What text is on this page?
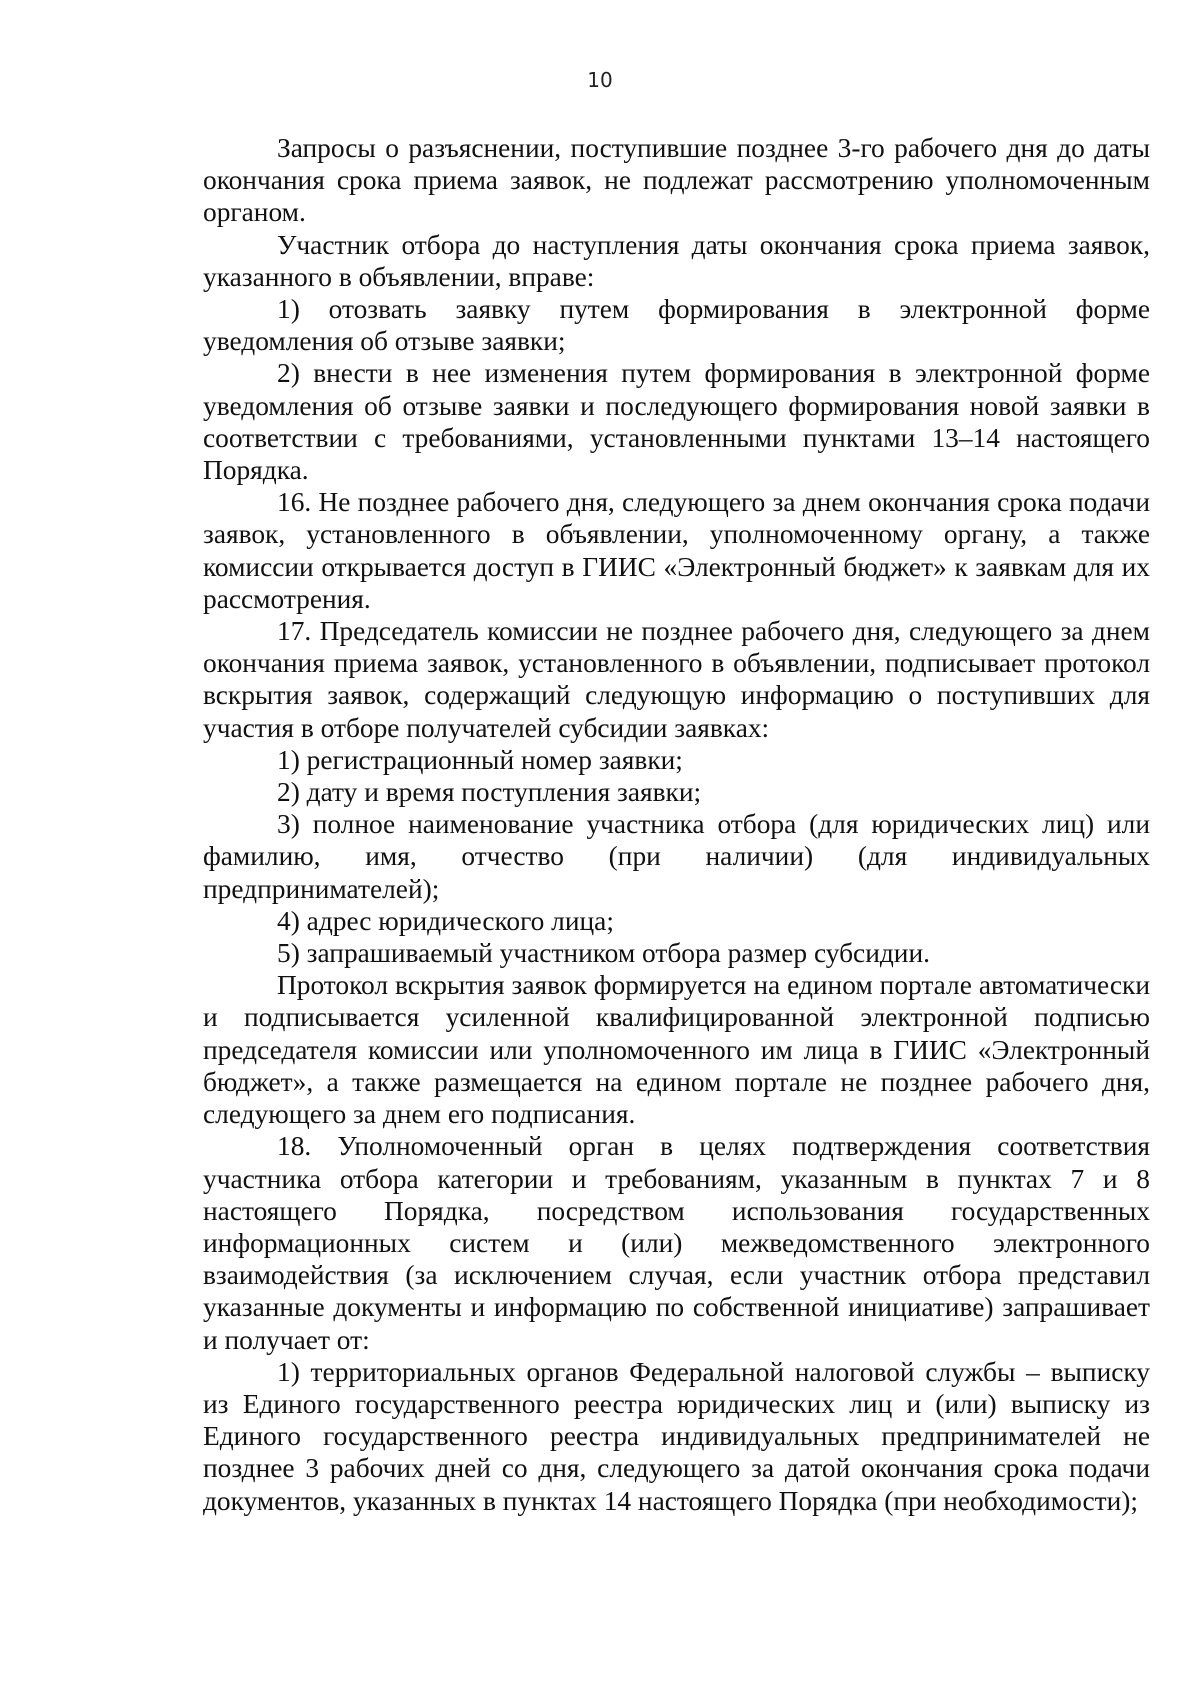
10

Запросы о разъяснении, поступившие позднее 3-го рабочего дня до даты окончания срока приема заявок, не подлежат рассмотрению уполномоченным органом.

Участник отбора до наступления даты окончания срока приема заявок, указанного в объявлении, вправе:

1) отозвать заявку путем формирования в электронной форме уведомления об отзыве заявки;

2) внести в нее изменения путем формирования в электронной форме уведомления об отзыве заявки и последующего формирования новой заявки в соответствии с требованиями, установленными пунктами 13–14 настоящего Порядка.

16. Не позднее рабочего дня, следующего за днем окончания срока подачи заявок, установленного в объявлении, уполномоченному органу, а также комиссии открывается доступ в ГИИС «Электронный бюджет» к заявкам для их рассмотрения.

17. Председатель комиссии не позднее рабочего дня, следующего за днем окончания приема заявок, установленного в объявлении, подписывает протокол вскрытия заявок, содержащий следующую информацию о поступивших для участия в отборе получателей субсидии заявках:

1) регистрационный номер заявки;

2) дату и время поступления заявки;

3) полное наименование участника отбора (для юридических лиц) или фамилию, имя, отчество (при наличии) (для индивидуальных предпринимателей);

4) адрес юридического лица;

5) запрашиваемый участником отбора размер субсидии.

Протокол вскрытия заявок формируется на едином портале автоматически и подписывается усиленной квалифицированной электронной подписью председателя комиссии или уполномоченного им лица в ГИИС «Электронный бюджет», а также размещается на едином портале не позднее рабочего дня, следующего за днем его подписания.

18. Уполномоченный орган в целях подтверждения соответствия участника отбора категории и требованиям, указанным в пунктах 7 и 8 настоящего Порядка, посредством использования государственных информационных систем и (или) межведомственного электронного взаимодействия (за исключением случая, если участник отбора представил указанные документы и информацию по собственной инициативе) запрашивает и получает от:

1) территориальных органов Федеральной налоговой службы – выписку из Единого государственного реестра юридических лиц и (или) выписку из Единого государственного реестра индивидуальных предпринимателей не позднее 3 рабочих дней со дня, следующего за датой окончания срока подачи документов, указанных в пунктах 14 настоящего Порядка (при необходимости);
